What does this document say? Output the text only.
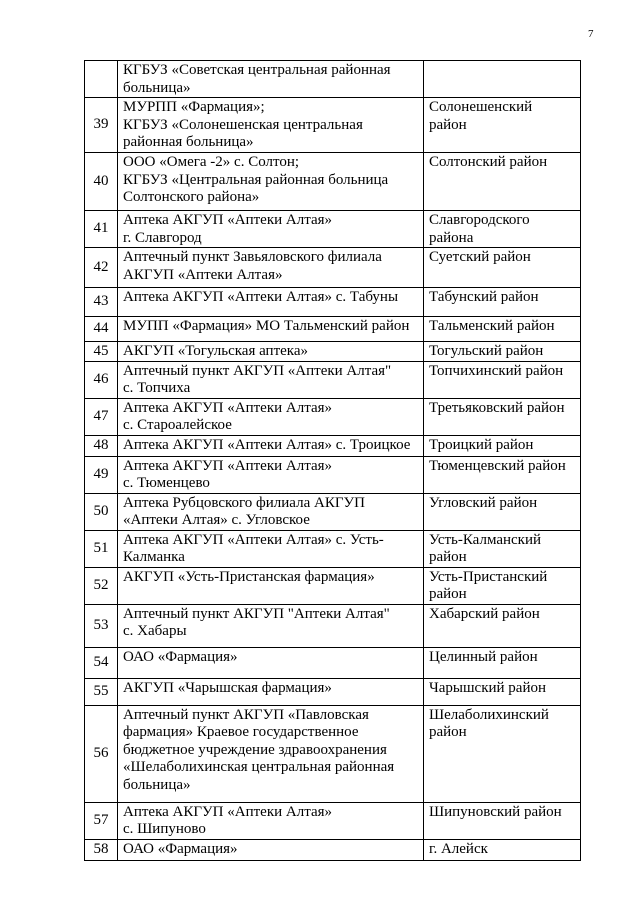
7
	КГБУЗ «Советская центральная районная
больница»	
39	МУРПП «Фармация»;
КГБУЗ «Солонешенская центральная
районная больница»	Солонешенский
район
40	ООО «Омега -2» с. Солтон;
КГБУЗ «Центральная районная больница
Солтонского района»	Солтонский район
41	Аптека АКГУП «Аптеки Алтая»
г. Славгород	Славгородского
района
42	Аптечный пункт Завьяловского филиала
АКГУП «Аптеки Алтая»	Суетский район
43	Аптека АКГУП «Аптеки Алтая» с. Табуны	Табунский район
44	МУПП «Фармация» МО Тальменский район	Тальменский район
45	АКГУП «Тогульская аптека»	Тогульский район
46	Аптечный пункт АКГУП «Аптеки Алтая"
с. Топчиха	Топчихинский район
47	Аптека АКГУП «Аптеки Алтая»
с. Староалейское	Третьяковский район
48	Аптека АКГУП «Аптеки Алтая» с. Троицкое	Троицкий район
49	Аптека АКГУП «Аптеки Алтая»
с. Тюменцево	Тюменцевский район
50	Аптека Рубцовского филиала АКГУП
«Аптеки Алтая» с. Угловское	Угловский район
51	Аптека АКГУП «Аптеки Алтая» с. Усть-
Калманка	Усть-Калманский
район
52	АКГУП «Усть-Пристанская фармация»	Усть-Пристанский
район
53	Аптечный пункт АКГУП "Аптеки Алтая"
с. Хабары	Хабарский район
54	ОАО «Фармация»	Целинный район
55	АКГУП «Чарышская фармация»	Чарышский район
56	Аптечный пункт АКГУП «Павловская
фармация» Краевое государственное
бюджетное учреждение здравоохранения
«Шелаболихинская центральная районная
больница»	Шелаболихинский
район
57	Аптека АКГУП «Аптеки Алтая»
с. Шипуново	Шипуновский район
58	ОАО «Фармация»	г. Алейск
